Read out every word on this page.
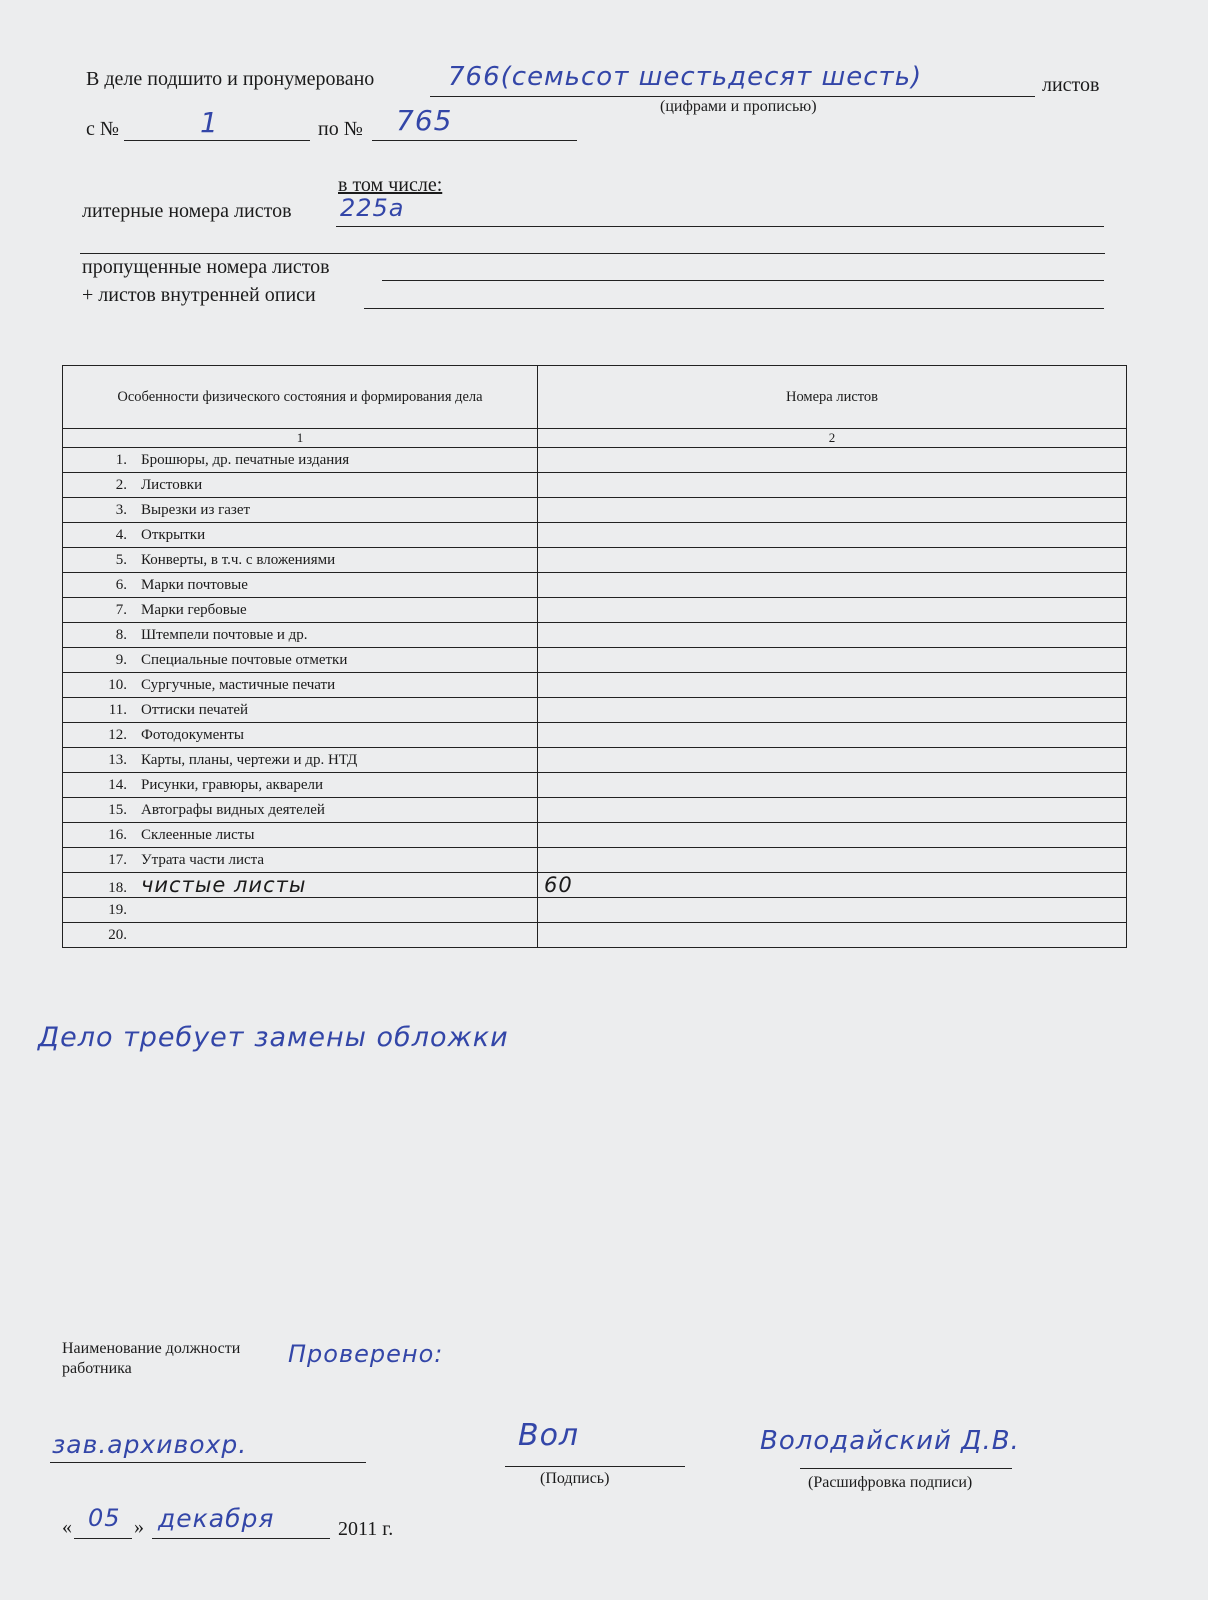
В деле подшито и пронумеровано	766(семьсот шестьдесят шесть)	листов
(цифрами и прописью)
с №	1	по № 765
в том числе:
литерные номера листов 225а
пропущенные номера листов
+ листов внутренней описи
Особенности физического состояния и формирования дела	Номера листов
1	2
1. Брошюры, др. печатные издания	
2. Листовки	
3. Вырезки из газет	
4. Открытки	
5. Конверты, в т.ч. с вложениями	
6. Марки почтовые	
7. Марки гербовые	
8. Штемпели почтовые и др.	
9. Специальные почтовые отметки	
10. Сургучные, мастичные печати	
11. Оттиски печатей	
12. Фотодокументы	
13. Карты, планы, чертежи и др. НТД	
14. Рисунки, гравюры, акварели	
15. Автографы видных деятелей	
16. Склеенные листы	
17. Утрата части листа	
18. чистые листы	60
19.	
20.	
Дело требует замены обложки
Наименование должности
работника
Проверено:
зав.архивохр.	Вол
(Подпись)
Володайский Д.В.
(Расшифровка подписи)
« 05 » декабря	2011 г.
